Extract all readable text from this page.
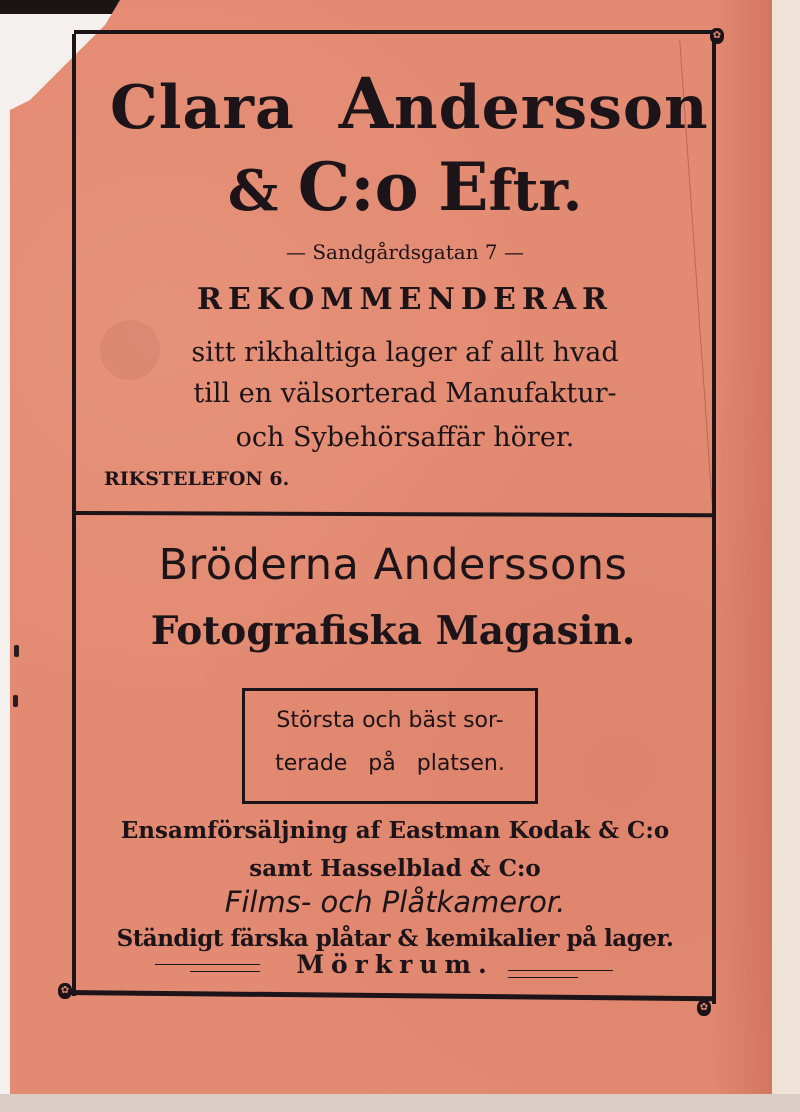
✿
✿
✿
Clara Andersson
& C:o Eftr.
— Sandgårdsgatan 7 —
REKOMMENDERAR
sitt rikhaltiga lager af allt hvad
till en välsorterad Manufaktur-
och Sybehörsaffär hörer.
RIKSTELEFON 6.
Bröderna Anderssons
Fotografiska Magasin.
Största och bäst sor-
terade på platsen.
Ensamförsäljning af Eastman Kodak & C:o
samt Hasselblad & C:o
Films- och Plåtkameror.
Ständigt färska plåtar & kemikalier på lager.
Mörkrum.
